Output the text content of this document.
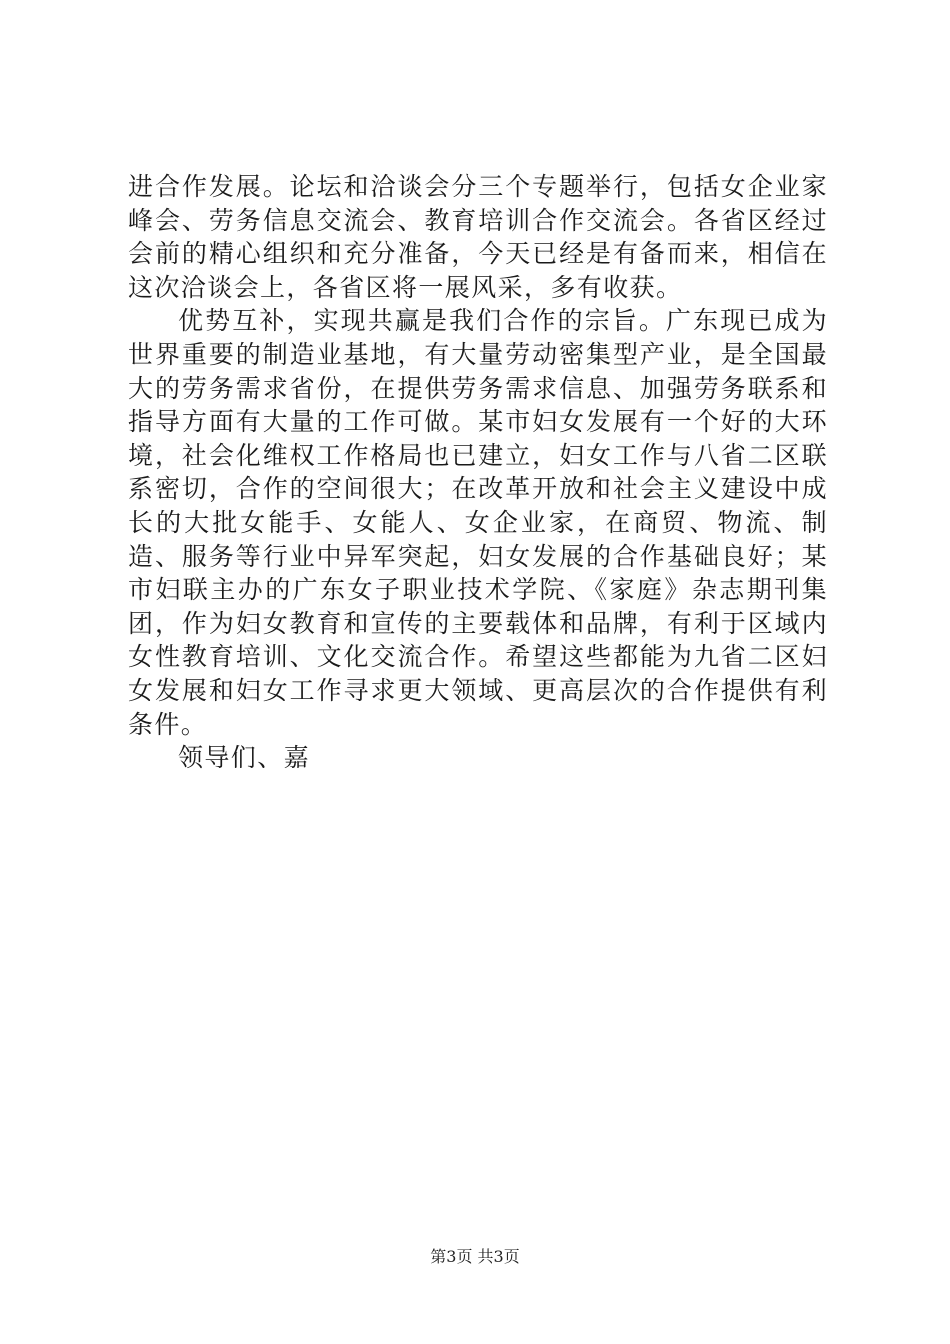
进合作发展。论坛和洽谈会分三个专题举行，包括女企业家峰会、劳务信息交流会、教育培训合作交流会。各省区经过会前的精心组织和充分准备，今天已经是有备而来，相信在这次洽谈会上，各省区将一展风采，多有收获。

优势互补，实现共赢是我们合作的宗旨。广东现已成为世界重要的制造业基地，有大量劳动密集型产业，是全国最大的劳务需求省份，在提供劳务需求信息、加强劳务联系和指导方面有大量的工作可做。某市妇女发展有一个好的大环境，社会化维权工作格局也已建立，妇女工作与八省二区联系密切，合作的空间很大；在改革开放和社会主义建设中成长的大批女能手、女能人、女企业家，在商贸、物流、制造、服务等行业中异军突起，妇女发展的合作基础良好；某市妇联主办的广东女子职业技术学院、《家庭》杂志期刊集团，作为妇女教育和宣传的主要载体和品牌，有利于区域内女性教育培训、文化交流合作。希望这些都能为九省二区妇女发展和妇女工作寻求更大领域、更高层次的合作提供有利条件。

领导们、嘉

第3页 共3页
